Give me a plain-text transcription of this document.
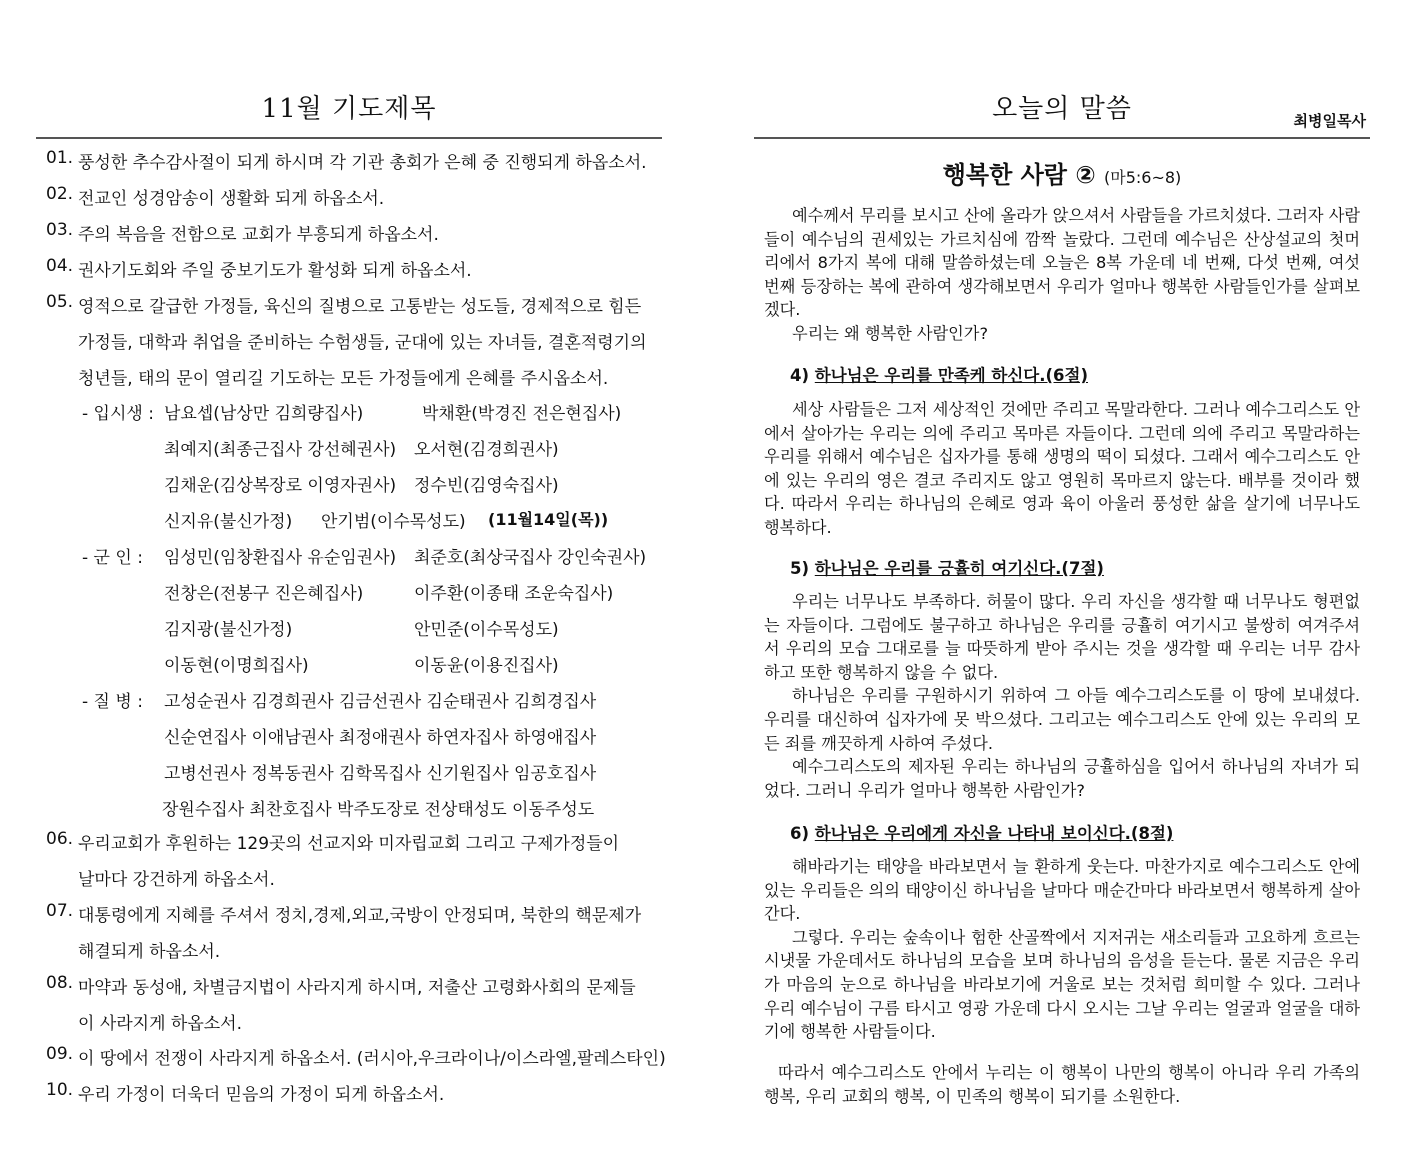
11월 기도제목
01. 풍성한 추수감사절이 되게 하시며 각 기관 총회가 은혜 중 진행되게 하옵소서.
02. 전교인 성경암송이 생활화 되게 하옵소서.
03. 주의 복음을 전함으로 교회가 부흥되게 하옵소서.
04. 권사기도회와 주일 중보기도가 활성화 되게 하옵소서.
05. 영적으로 갈급한 가정들, 육신의 질병으로 고통받는 성도들, 경제적으로 힘든
가정들, 대학과 취업을 준비하는 수험생들, 군대에 있는 자녀들, 결혼적령기의
청년들, 태의 문이 열리길 기도하는 모든 가정들에게 은혜를 주시옵소서.
- 입시생 : 남요셉(남상만 김희량집사)	박채환(박경진 전은현집사)
최예지(최종근집사 강선혜권사) 오서현(김경희권사)
김채운(김상복장로 이영자권사) 정수빈(김영숙집사)
신지유(불신가정) 안기범(이수목성도) (11월14일(목))
- 군 인 : 임성민(임창환집사 유순임권사) 최준호(최상국집사 강인숙권사)
전창은(전봉구 진은혜집사)	이주환(이종태 조운숙집사)
김지광(불신가정)	안민준(이수목성도)
이동현(이명희집사)	이동윤(이용진집사)
- 질 병 : 고성순권사 김경희권사 김금선권사 김순태권사 김희경집사
신순연집사 이애남권사 최정애권사 하연자집사 하영애집사
고병선권사 정복동권사 김학목집사 신기원집사 임공호집사
장원수집사 최찬호집사 박주도장로 전상태성도 이동주성도
06. 우리교회가 후원하는 129곳의 선교지와 미자립교회 그리고 구제가정들이
날마다 강건하게 하옵소서.
07. 대통령에게 지혜를 주셔서 정치,경제,외교,국방이 안정되며, 북한의 핵문제가
해결되게 하옵소서.
08. 마약과 동성애, 차별금지법이 사라지게 하시며, 저출산 고령화사회의 문제들
이 사라지게 하옵소서.
09. 이 땅에서 전쟁이 사라지게 하옵소서. (러시아,우크라이나/이스라엘,팔레스타인)
10. 우리 가정이 더욱더 믿음의 가정이 되게 하옵소서.
오늘의 말씀	최병일목사
행복한 사람 ② (마5:6~8)

예수께서 무리를 보시고 산에 올라가 앉으셔서 사람들을 가르치셨다. 그러자 사람들이 예수님의 권세있는 가르치심에 깜짝 놀랐다. 그런데 예수님은 산상설교의 첫머리에서 8가지 복에 대해 말씀하셨는데 오늘은 8복 가운데 네 번째, 다섯 번째, 여섯 번째 등장하는 복에 관하여 생각해보면서 우리가 얼마나 행복한 사람들인가를 살펴보겠다.

우리는 왜 행복한 사람인가?

4) 하나님은 우리를 만족케 하신다.(6절)

세상 사람들은 그저 세상적인 것에만 주리고 목말라한다. 그러나 예수그리스도 안에서 살아가는 우리는 의에 주리고 목마른 자들이다. 그런데 의에 주리고 목말라하는 우리를 위해서 예수님은 십자가를 통해 생명의 떡이 되셨다. 그래서 예수그리스도 안에 있는 우리의 영은 결코 주리지도 않고 영원히 목마르지 않는다. 배부를 것이라 했다. 따라서 우리는 하나님의 은혜로 영과 육이 아울러 풍성한 삶을 살기에 너무나도 행복하다.

5) 하나님은 우리를 긍휼히 여기신다.(7절)

우리는 너무나도 부족하다. 허물이 많다. 우리 자신을 생각할 때 너무나도 형편없는 자들이다. 그럼에도 불구하고 하나님은 우리를 긍휼히 여기시고 불쌍히 여겨주셔서 우리의 모습 그대로를 늘 따뜻하게 받아 주시는 것을 생각할 때 우리는 너무 감사하고 또한 행복하지 않을 수 없다.

하나님은 우리를 구원하시기 위하여 그 아들 예수그리스도를 이 땅에 보내셨다. 우리를 대신하여 십자가에 못 박으셨다. 그리고는 예수그리스도 안에 있는 우리의 모든 죄를 깨끗하게 사하여 주셨다.

예수그리스도의 제자된 우리는 하나님의 긍휼하심을 입어서 하나님의 자녀가 되었다. 그러니 우리가 얼마나 행복한 사람인가?

6) 하나님은 우리에게 자신을 나타내 보이신다.(8절)

해바라기는 태양을 바라보면서 늘 환하게 웃는다. 마찬가지로 예수그리스도 안에 있는 우리들은 의의 태양이신 하나님을 날마다 매순간마다 바라보면서 행복하게 살아간다.

그렇다. 우리는 숲속이나 험한 산골짝에서 지저귀는 새소리들과 고요하게 흐르는 시냇물 가운데서도 하나님의 모습을 보며 하나님의 음성을 듣는다. 물론 지금은 우리가 마음의 눈으로 하나님을 바라보기에 거울로 보는 것처럼 희미할 수 있다. 그러나 우리 예수님이 구름 타시고 영광 가운데 다시 오시는 그날 우리는 얼굴과 얼굴을 대하기에 행복한 사람들이다.

따라서 예수그리스도 안에서 누리는 이 행복이 나만의 행복이 아니라 우리 가족의 행복, 우리 교회의 행복, 이 민족의 행복이 되기를 소원한다.
